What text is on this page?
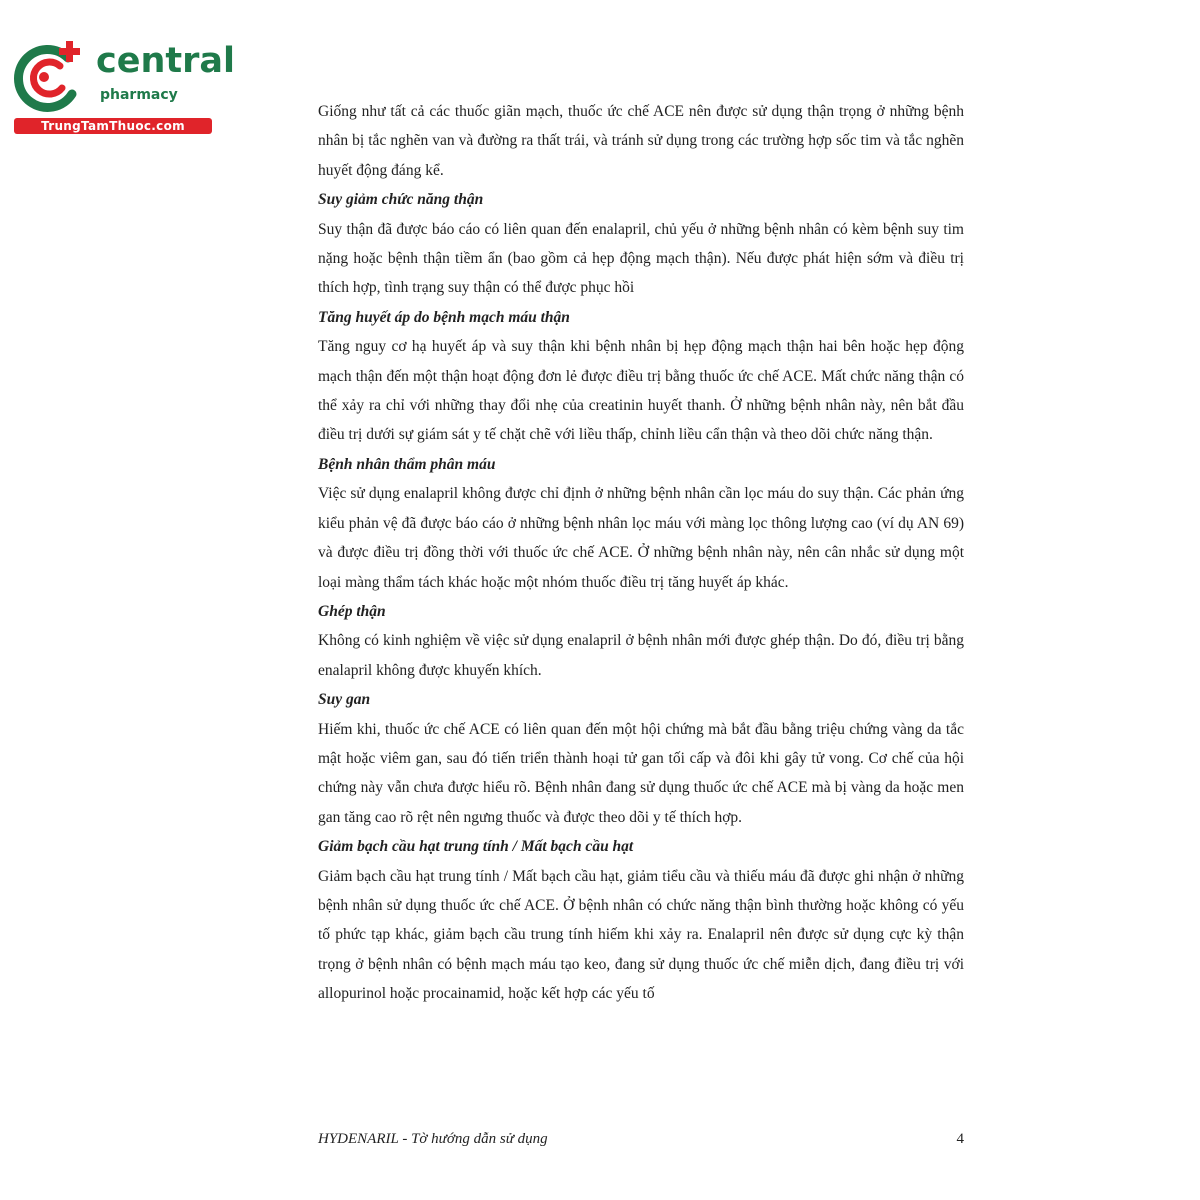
central
pharmacy
TrungTamThuoc.com

Giống như tất cả các thuốc giãn mạch, thuốc ức chế ACE nên được sử dụng thận trọng ở những bệnh nhân bị tắc nghẽn van và đường ra thất trái, và tránh sử dụng trong các trường hợp sốc tim và tắc nghẽn huyết động đáng kể.

Suy giảm chức năng thận

Suy thận đã được báo cáo có liên quan đến enalapril, chủ yếu ở những bệnh nhân có kèm bệnh suy tim nặng hoặc bệnh thận tiềm ẩn (bao gồm cả hẹp động mạch thận). Nếu được phát hiện sớm và điều trị thích hợp, tình trạng suy thận có thể được phục hồi

Tăng huyết áp do bệnh mạch máu thận

Tăng nguy cơ hạ huyết áp và suy thận khi bệnh nhân bị hẹp động mạch thận hai bên hoặc hẹp động mạch thận đến một thận hoạt động đơn lẻ được điều trị bằng thuốc ức chế ACE. Mất chức năng thận có thể xảy ra chỉ với những thay đổi nhẹ của creatinin huyết thanh. Ở những bệnh nhân này, nên bắt đầu điều trị dưới sự giám sát y tế chặt chẽ với liều thấp, chỉnh liều cẩn thận và theo dõi chức năng thận.

Bệnh nhân thẩm phân máu

Việc sử dụng enalapril không được chỉ định ở những bệnh nhân cần lọc máu do suy thận. Các phản ứng kiểu phản vệ đã được báo cáo ở những bệnh nhân lọc máu với màng lọc thông lượng cao (ví dụ AN 69) và được điều trị đồng thời với thuốc ức chế ACE. Ở những bệnh nhân này, nên cân nhắc sử dụng một loại màng thẩm tách khác hoặc một nhóm thuốc điều trị tăng huyết áp khác.

Ghép thận

Không có kinh nghiệm về việc sử dụng enalapril ở bệnh nhân mới được ghép thận. Do đó, điều trị bằng enalapril không được khuyến khích.

Suy gan

Hiếm khi, thuốc ức chế ACE có liên quan đến một hội chứng mà bắt đầu bằng triệu chứng vàng da tắc mật hoặc viêm gan, sau đó tiến triển thành hoại tử gan tối cấp và đôi khi gây tử vong. Cơ chế của hội chứng này vẫn chưa được hiểu rõ. Bệnh nhân đang sử dụng thuốc ức chế ACE mà bị vàng da hoặc men gan tăng cao rõ rệt nên ngưng thuốc và được theo dõi y tế thích hợp.

Giảm bạch cầu hạt trung tính / Mất bạch cầu hạt

Giảm bạch cầu hạt trung tính / Mất bạch cầu hạt, giảm tiểu cầu và thiếu máu đã được ghi nhận ở những bệnh nhân sử dụng thuốc ức chế ACE. Ở bệnh nhân có chức năng thận bình thường hoặc không có yếu tố phức tạp khác, giảm bạch cầu trung tính hiếm khi xảy ra. Enalapril nên được sử dụng cực kỳ thận trọng ở bệnh nhân có bệnh mạch máu tạo keo, đang sử dụng thuốc ức chế miễn dịch, đang điều trị với allopurinol hoặc procainamid, hoặc kết hợp các yếu tố

HYDENARIL - Tờ hướng dẫn sử dụng	4
